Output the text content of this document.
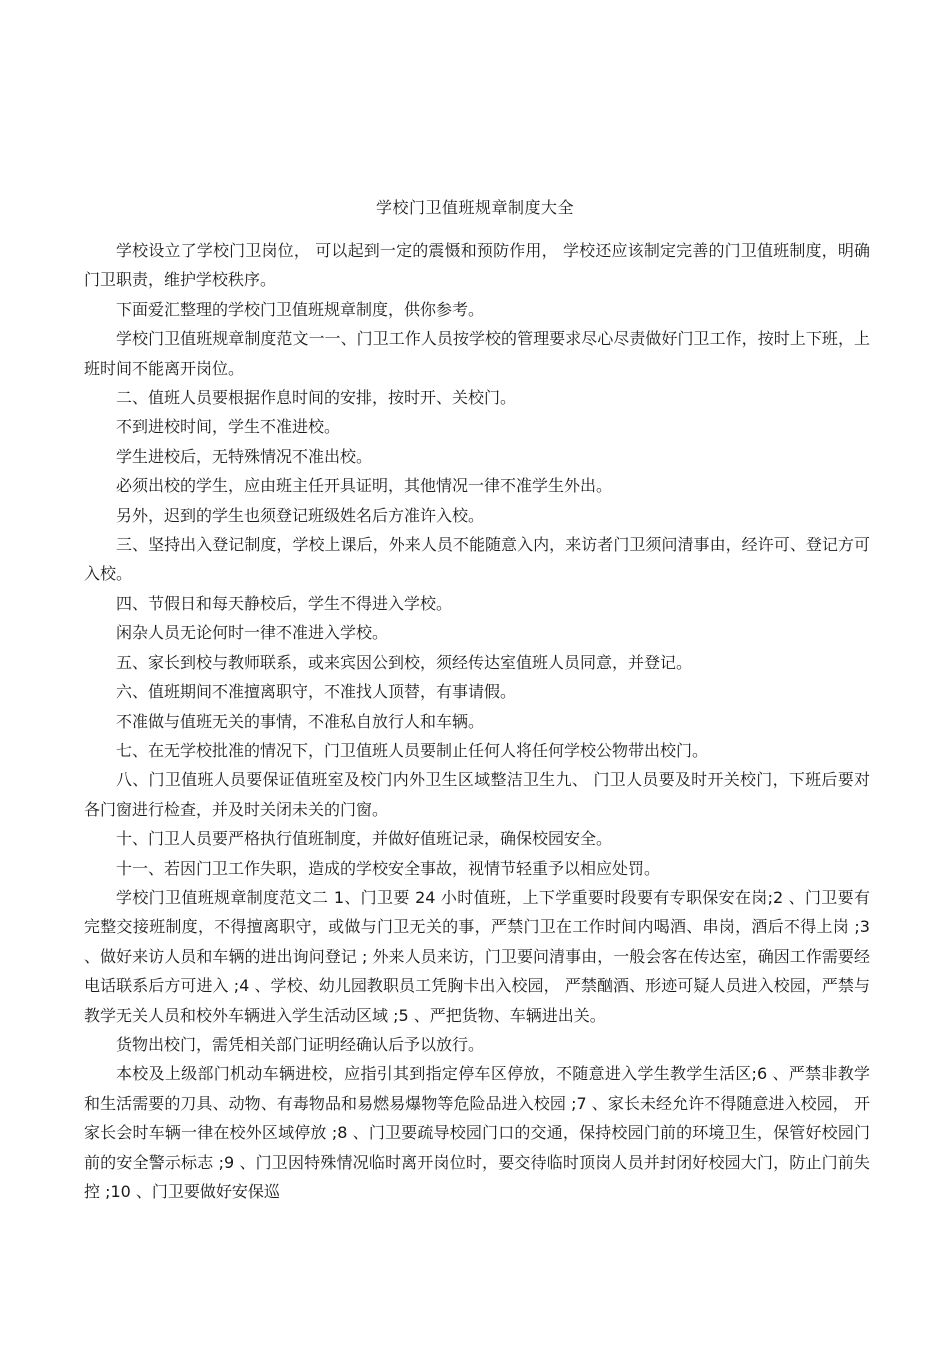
学校门卫值班规章制度大全

学校设立了学校门卫岗位， 可以起到一定的震慑和预防作用， 学校还应该制定完善的门卫值班制度，明确门卫职责，维护学校秩序。

下面爱汇整理的学校门卫值班规章制度，供你参考。

学校门卫值班规章制度范文一一、门卫工作人员按学校的管理要求尽心尽责做好门卫工作，按时上下班，上班时间不能离开岗位。

二、值班人员要根据作息时间的安排，按时开、关校门。

不到进校时间，学生不准进校。

学生进校后，无特殊情况不准出校。

必须出校的学生，应由班主任开具证明，其他情况一律不准学生外出。

另外，迟到的学生也须登记班级姓名后方准许入校。

三、坚持出入登记制度，学校上课后，外来人员不能随意入内，来访者门卫须问清事由，经许可、登记方可入校。

四、节假日和每天静校后，学生不得进入学校。

闲杂人员无论何时一律不准进入学校。

五、家长到校与教师联系，或来宾因公到校，须经传达室值班人员同意，并登记。

六、值班期间不准擅离职守，不准找人顶替，有事请假。

不准做与值班无关的事情，不准私自放行人和车辆。

七、在无学校批准的情况下，门卫值班人员要制止任何人将任何学校公物带出校门。

八、门卫值班人员要保证值班室及校门内外卫生区域整洁卫生九、 门卫人员要及时开关校门，下班后要对各门窗进行检查，并及时关闭未关的门窗。

十、门卫人员要严格执行值班制度，并做好值班记录，确保校园安全。

十一、若因门卫工作失职，造成的学校安全事故，视情节轻重予以相应处罚。

学校门卫值班规章制度范文二 1、门卫要 24 小时值班，上下学重要时段要有专职保安在岗;2 、门卫要有完整交接班制度，不得擅离职守，或做与门卫无关的事，严禁门卫在工作时间内喝酒、串岗，酒后不得上岗 ;3 、做好来访人员和车辆的进出询问登记 ; 外来人员来访，门卫要问清事由，一般会客在传达室，确因工作需要经电话联系后方可进入 ;4 、学校、幼儿园教职员工凭胸卡出入校园， 严禁酗酒、形迹可疑人员进入校园，严禁与教学无关人员和校外车辆进入学生活动区域 ;5 、严把货物、车辆进出关。

货物出校门，需凭相关部门证明经确认后予以放行。

本校及上级部门机动车辆进校，应指引其到指定停车区停放，不随意进入学生教学生活区;6 、严禁非教学和生活需要的刀具、动物、有毒物品和易燃易爆物等危险品进入校园 ;7 、家长未经允许不得随意进入校园， 开家长会时车辆一律在校外区域停放 ;8 、门卫要疏导校园门口的交通，保持校园门前的环境卫生，保管好校园门前的安全警示标志 ;9 、门卫因特殊情况临时离开岗位时，要交待临时顶岗人员并封闭好校园大门，防止门前失控 ;10 、门卫要做好安保巡
